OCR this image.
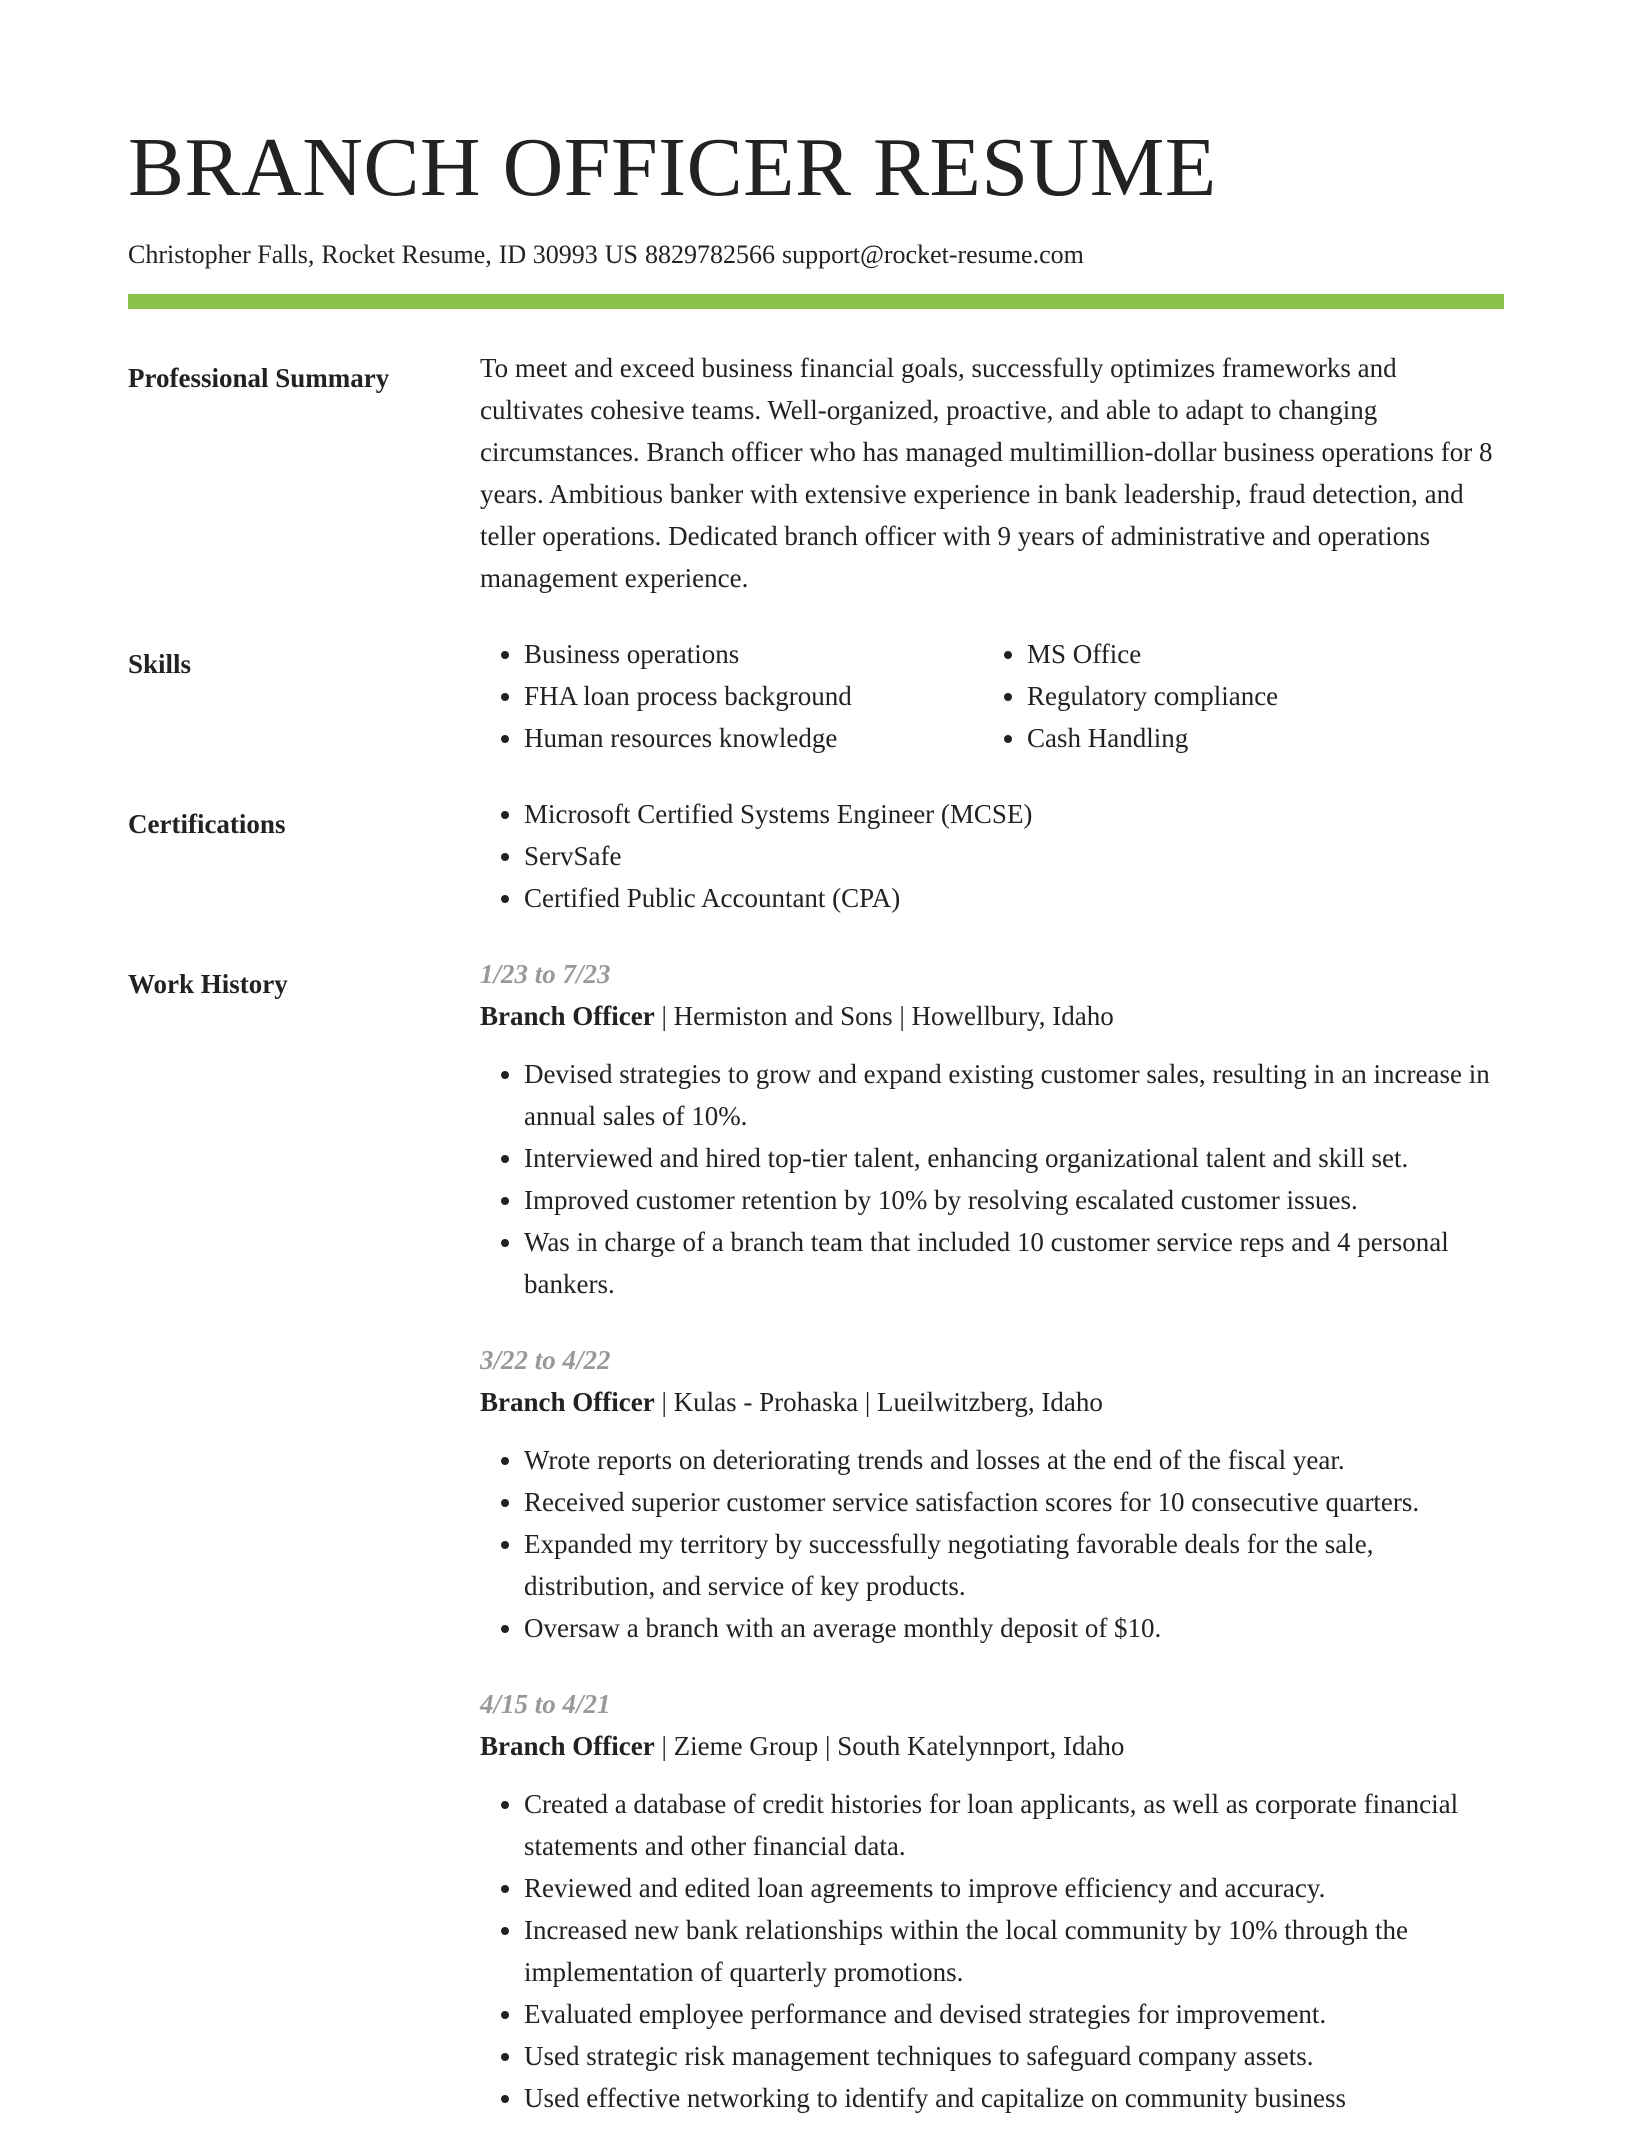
BRANCH OFFICER RESUME
Christopher Falls, Rocket Resume, ID 30993 US 8829782566 support@rocket-resume.com
Professional Summary	To meet and exceed business financial goals, successfully optimizes frameworks and cultivates cohesive teams. Well-organized, proactive, and able to adapt to changing circumstances. Branch officer who has managed multimillion-dollar business operations for 8 years. Ambitious banker with extensive experience in bank leadership, fraud detection, and teller operations. Dedicated branch officer with 9 years of administrative and operations management experience.

Skills	• Business operations
• FHA loan process background
• Human resources knowledge
• MS Office
• Regulatory compliance
• Cash Handling
Certifications	• Microsoft Certified Systems Engineer (MCSE)
• ServSafe
• Certified Public Accountant (CPA)
Work History	1/23 to 7/23
Branch Officer | Hermiston and Sons | Howellbury, Idaho
• Devised strategies to grow and expand existing customer sales, resulting in an increase in annual sales of 10%.
• Interviewed and hired top-tier talent, enhancing organizational talent and skill set.
• Improved customer retention by 10% by resolving escalated customer issues.
• Was in charge of a branch team that included 10 customer service reps and 4 personal bankers.
3/22 to 4/22
Branch Officer | Kulas - Prohaska | Lueilwitzberg, Idaho
• Wrote reports on deteriorating trends and losses at the end of the fiscal year.
• Received superior customer service satisfaction scores for 10 consecutive quarters.
• Expanded my territory by successfully negotiating favorable deals for the sale, distribution, and service of key products.
• Oversaw a branch with an average monthly deposit of $10.
4/15 to 4/21
Branch Officer | Zieme Group | South Katelynnport, Idaho
• Created a database of credit histories for loan applicants, as well as corporate financial statements and other financial data.
• Reviewed and edited loan agreements to improve efficiency and accuracy.
• Increased new bank relationships within the local community by 10% through the implementation of quarterly promotions.
• Evaluated employee performance and devised strategies for improvement.
• Used strategic risk management techniques to safeguard company assets.
• Used effective networking to identify and capitalize on community business
